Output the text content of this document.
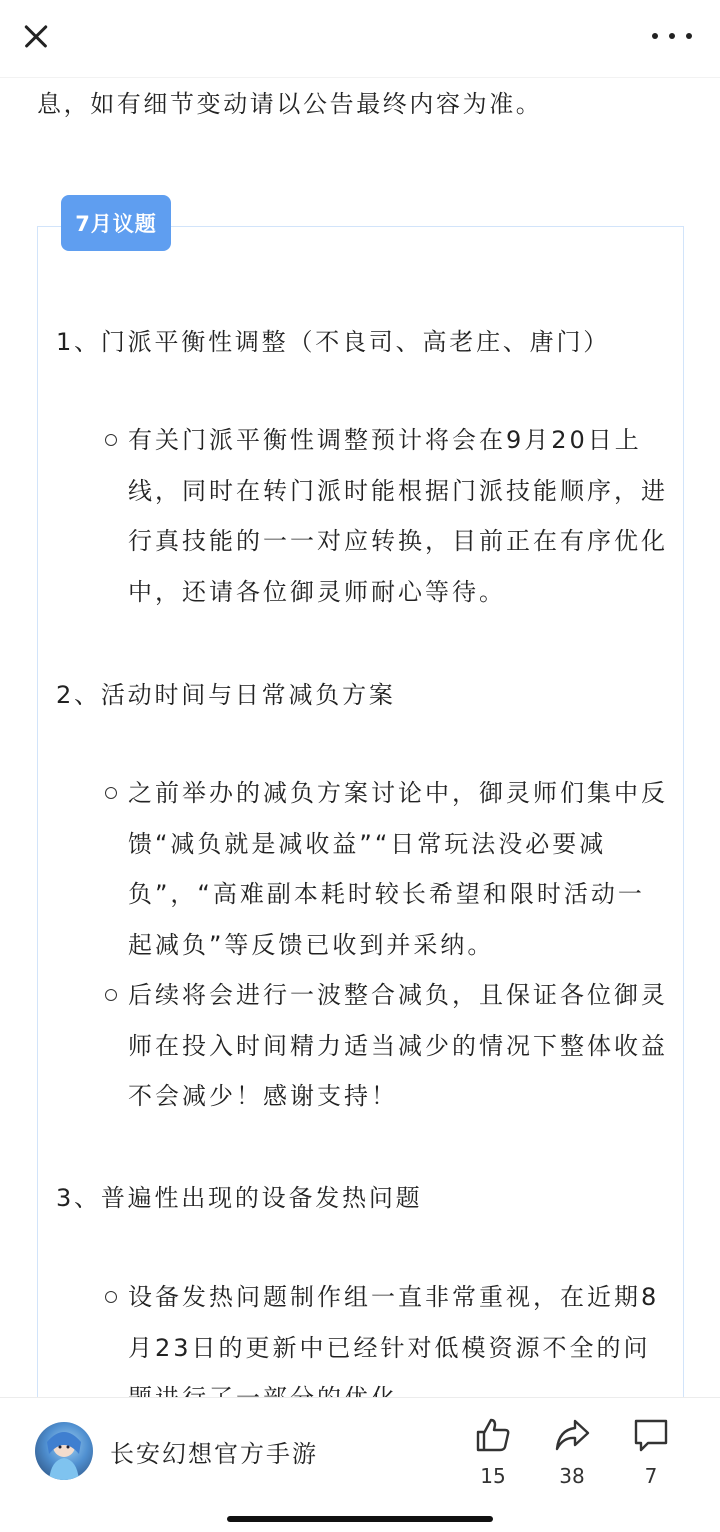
息，如有细节变动请以公告最终内容为准。
7月议题
1、门派平衡性调整（不良司、高老庄、唐门）
有关门派平衡性调整预计将会在9月20日上线，同时在转门派时能根据门派技能顺序，进行真技能的一一对应转换，目前正在有序优化中，还请各位御灵师耐心等待。
2、活动时间与日常减负方案
之前举办的减负方案讨论中，御灵师们集中反馈“减负就是减收益”“日常玩法没必要减负”，“高难副本耗时较长希望和限时活动一起减负”等反馈已收到并采纳。
后续将会进行一波整合减负，且保证各位御灵师在投入时间精力适当减少的情况下整体收益不会减少！感谢支持！
3、普遍性出现的设备发热问题
设备发热问题制作组一直非常重视，在近期8月23日的更新中已经针对低模资源不全的问
长安幻想官方手游
15	38	7
